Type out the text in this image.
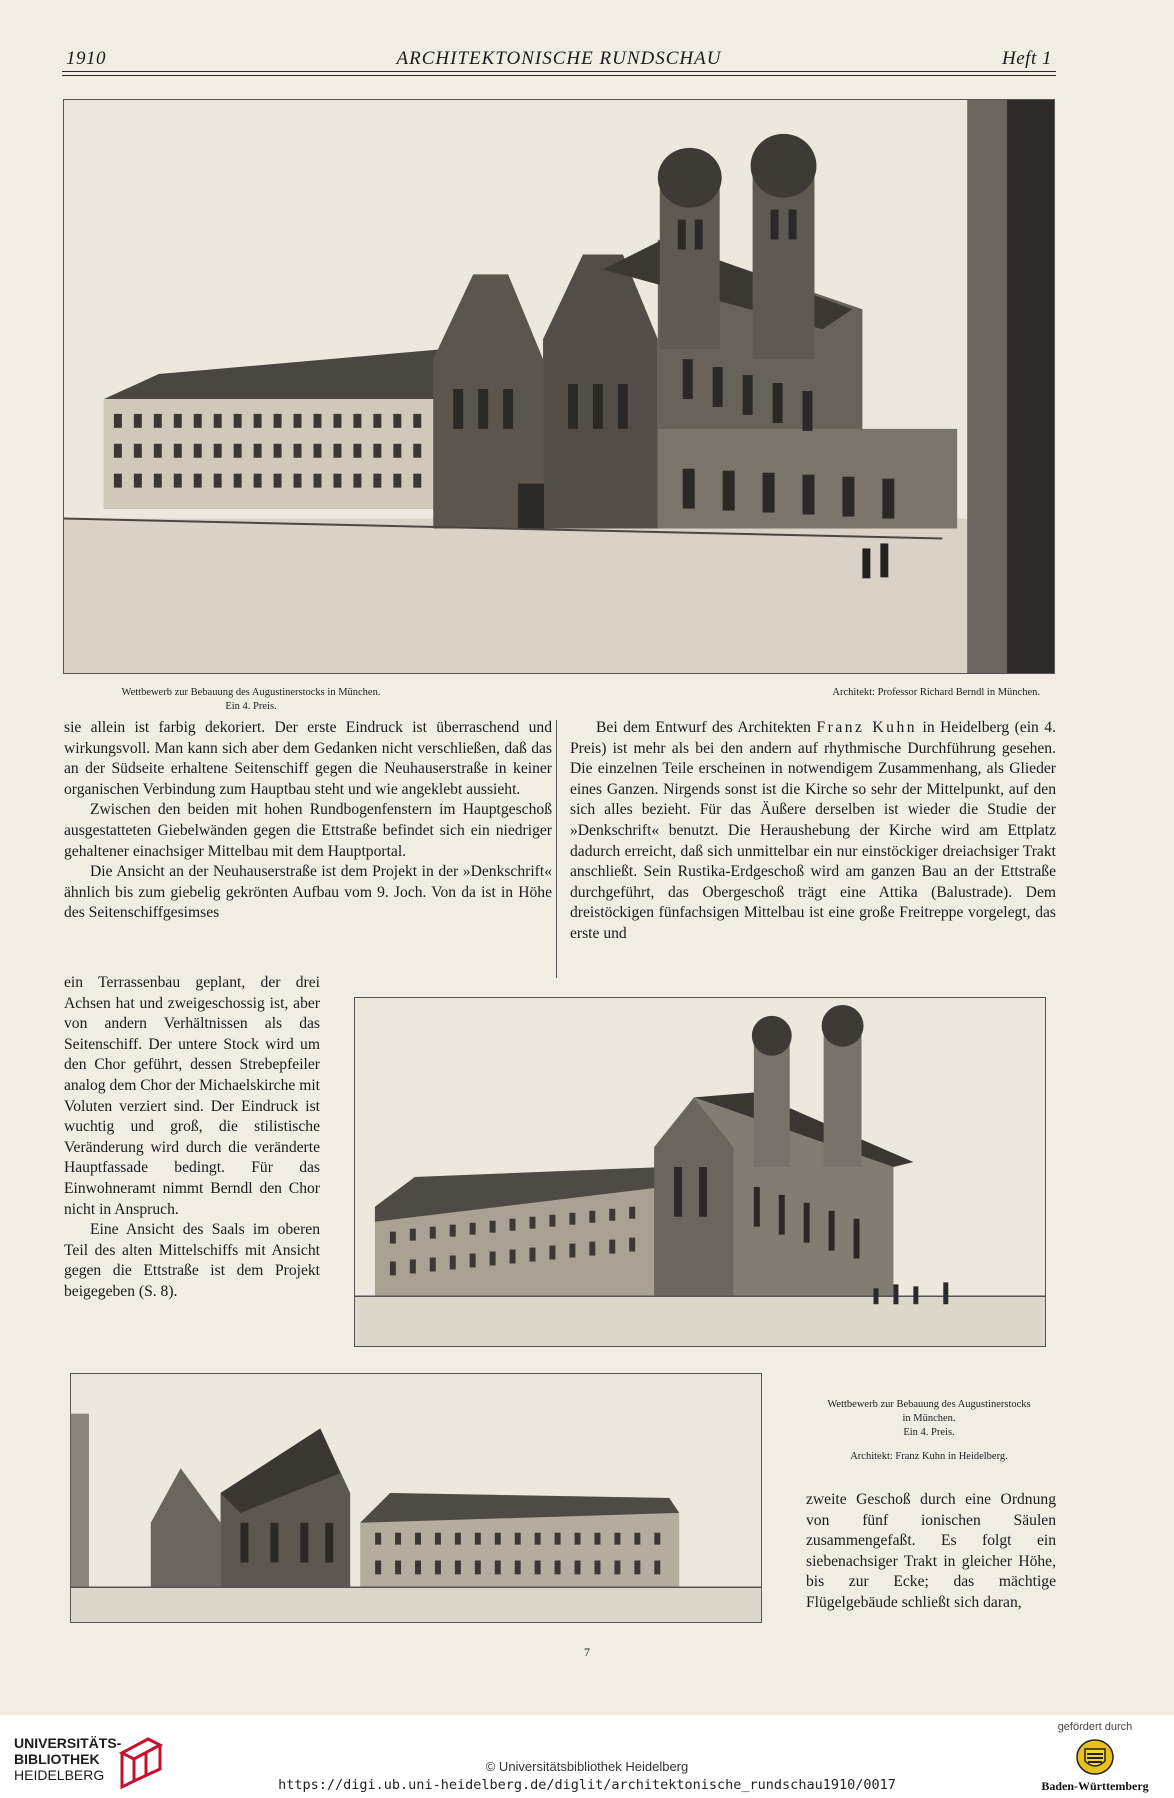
1910	ARCHITEKTONISCHE RUNDSCHAU	Heft 1
Wettbewerb zur Bebauung des Augustinerstocks in München.
Ein 4. Preis.
Architekt: Professor Richard Berndl in München.

sie allein ist farbig dekoriert. Der erste Eindruck ist überraschend und wirkungsvoll. Man kann sich aber dem Gedanken nicht verschließen, daß das an der Südseite erhaltene Seitenschiff gegen die Neuhauserstraße in keiner organischen Verbindung zum Hauptbau steht und wie angeklebt aussieht.

Zwischen den beiden mit hohen Rundbogenfenstern im Hauptgeschoß ausgestatteten Giebelwänden gegen die Ettstraße befindet sich ein niedriger gehaltener einachsiger Mittelbau mit dem Hauptportal.

Die Ansicht an der Neuhauserstraße ist dem Projekt in der »Denkschrift« ähnlich bis zum giebelig gekrönten Aufbau vom 9. Joch. Von da ist in Höhe des Seitenschiffgesimses

ein Terrassenbau geplant, der drei Achsen hat und zweigeschossig ist, aber von andern Verhältnissen als das Seitenschiff. Der untere Stock wird um den Chor geführt, dessen Strebepfeiler analog dem Chor der Michaelskirche mit Voluten verziert sind. Der Eindruck ist wuchtig und groß, die stilistische Veränderung wird durch die veränderte Hauptfassade bedingt. Für das Einwohneramt nimmt Berndl den Chor nicht in Anspruch.

Eine Ansicht des Saals im oberen Teil des alten Mittelschiffs mit Ansicht gegen die Ettstraße ist dem Projekt beigegeben (S. 8).

Bei dem Entwurf des Architekten Franz Kuhn in Heidelberg (ein 4. Preis) ist mehr als bei den andern auf rhythmische Durchführung gesehen. Die einzelnen Teile erscheinen in notwendigem Zusammenhang, als Glieder eines Ganzen. Nirgends sonst ist die Kirche so sehr der Mittelpunkt, auf den sich alles bezieht. Für das Äußere derselben ist wieder die Studie der »Denkschrift« benutzt. Die Heraushebung der Kirche wird am Ettplatz dadurch erreicht, daß sich unmittelbar ein nur einstöckiger dreiachsiger Trakt anschließt. Sein Rustika-Erdgeschoß wird am ganzen Bau an der Ettstraße durchgeführt, das Obergeschoß trägt eine Attika (Balustrade). Dem dreistöckigen fünfachsigen Mittelbau ist eine große Freitreppe vorgelegt, das erste und

Wettbewerb zur Bebauung des Augustinerstocks
in München.
Ein 4. Preis.
Architekt: Franz Kuhn in Heidelberg.

zweite Geschoß durch eine Ordnung von fünf ionischen Säulen zusammengefaßt. Es folgt ein siebenachsiger Trakt in gleicher Höhe, bis zur Ecke; das mächtige Flügelgebäude schließt sich daran,

7
UNIVERSITÄTS-
BIBLIOTHEK
HEIDELBERG
© Universitätsbibliothek Heidelberg
https://digi.ub.uni-heidelberg.de/diglit/architektonische_rundschau1910/0017
gefördert durch
Baden-Württemberg
